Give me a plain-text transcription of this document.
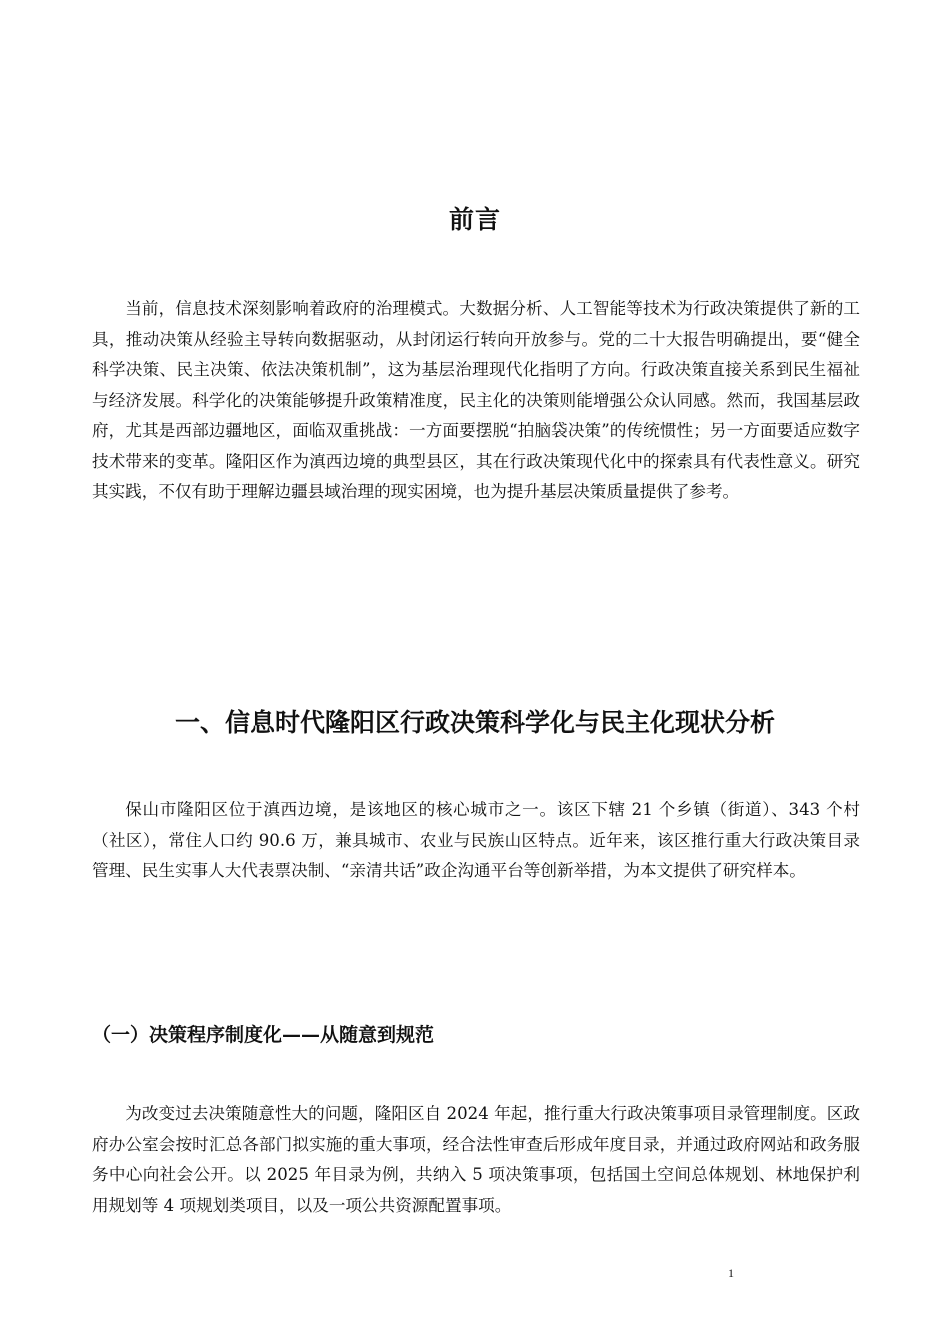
前言

当前，信息技术深刻影响着政府的治理模式。大数据分析、人工智能等技术为行政决策提供了新的工具，推动决策从经验主导转向数据驱动，从封闭运行转向开放参与。党的二十大报告明确提出，要“健全科学决策、民主决策、依法决策机制”，这为基层治理现代化指明了方向。行政决策直接关系到民生福祉与经济发展。科学化的决策能够提升政策精准度，民主化的决策则能增强公众认同感。然而，我国基层政府，尤其是西部边疆地区，面临双重挑战：一方面要摆脱“拍脑袋决策”的传统惯性；另一方面要适应数字技术带来的变革。隆阳区作为滇西边境的典型县区，其在行政决策现代化中的探索具有代表性意义。研究其实践，不仅有助于理解边疆县域治理的现实困境，也为提升基层决策质量提供了参考。

一、信息时代隆阳区行政决策科学化与民主化现状分析

保山市隆阳区位于滇西边境，是该地区的核心城市之一。该区下辖 21 个乡镇（街道）、343 个村（社区），常住人口约 90.6 万，兼具城市、农业与民族山区特点。近年来，该区推行重大行政决策目录管理、民生实事人大代表票决制、“亲清共话”政企沟通平台等创新举措，为本文提供了研究样本。

（一）决策程序制度化——从随意到规范

为改变过去决策随意性大的问题，隆阳区自 2024 年起，推行重大行政决策事项目录管理制度。区政府办公室会按时汇总各部门拟实施的重大事项，经合法性审查后形成年度目录，并通过政府网站和政务服务中心向社会公开。以 2025 年目录为例，共纳入 5 项决策事项，包括国土空间总体规划、林地保护利用规划等 4 项规划类项目，以及一项公共资源配置事项。

1
